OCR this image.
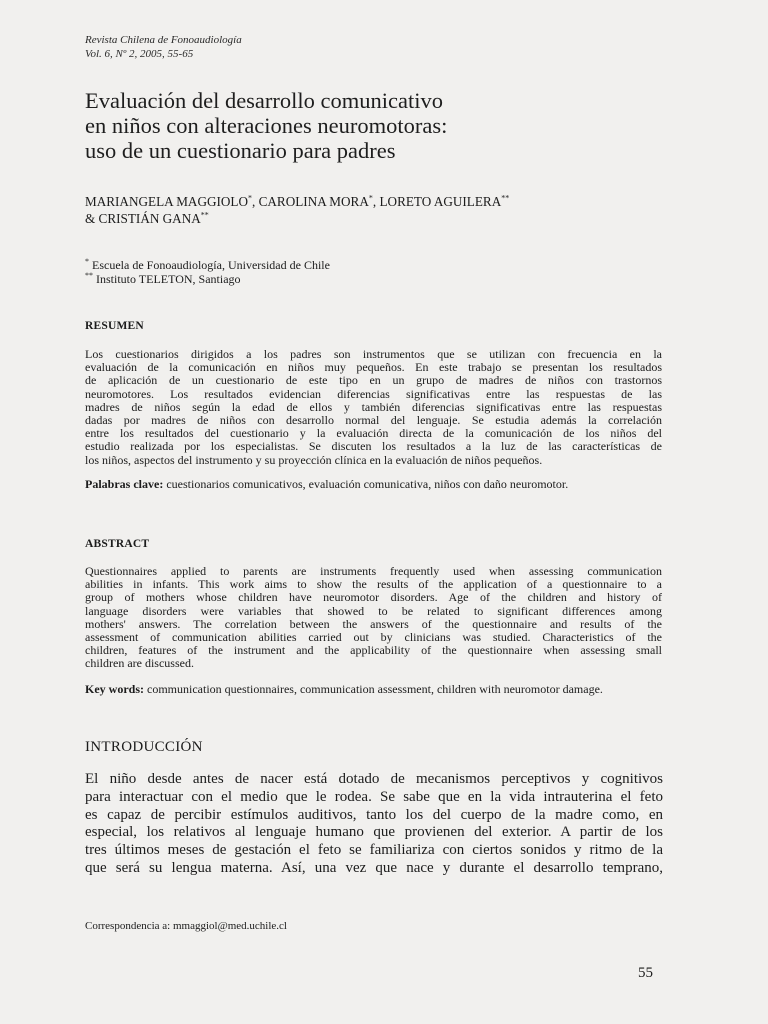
Revista Chilena de Fonoaudiología
Vol. 6, Nº 2, 2005, 55-65
Evaluación del desarrollo comunicativo
en niños con alteraciones neuromotoras:
uso de un cuestionario para padres
MARIANGELA MAGGIOLO*, CAROLINA MORA*, LORETO AGUILERA**
& CRISTIÁN GANA**
* Escuela de Fonoaudiología, Universidad de Chile
** Instituto TELETON, Santiago
RESUMEN
Los cuestionarios dirigidos a los padres son instrumentos que se utilizan con frecuencia en la
evaluación de la comunicación en niños muy pequeños. En este trabajo se presentan los resultados
de aplicación de un cuestionario de este tipo en un grupo de madres de niños con trastornos
neuromotores. Los resultados evidencian diferencias significativas entre las respuestas de las
madres de niños según la edad de ellos y también diferencias significativas entre las respuestas
dadas por madres de niños con desarrollo normal del lenguaje. Se estudia además la correlación
entre los resultados del cuestionario y la evaluación directa de la comunicación de los niños del
estudio realizada por los especialistas. Se discuten los resultados a la luz de las características de
los niños, aspectos del instrumento y su proyección clínica en la evaluación de niños pequeños.
Palabras clave: cuestionarios comunicativos, evaluación comunicativa, niños con daño neuromotor.
ABSTRACT
Questionnaires applied to parents are instruments frequently used when assessing communication
abilities in infants. This work aims to show the results of the application of a questionnaire to a
group of mothers whose children have neuromotor disorders. Age of the children and history of
language disorders were variables that showed to be related to significant differences among
mothers' answers. The correlation between the answers of the questionnaire and results of the
assessment of communication abilities carried out by clinicians was studied. Characteristics of the
children, features of the instrument and the applicability of the questionnaire when assessing small
children are discussed.
Key words: communication questionnaires, communication assessment, children with neuromotor damage.
INTRODUCCIÓN
El niño desde antes de nacer está dotado de mecanismos perceptivos y cognitivos
para interactuar con el medio que le rodea. Se sabe que en la vida intrauterina el feto
es capaz de percibir estímulos auditivos, tanto los del cuerpo de la madre como, en
especial, los relativos al lenguaje humano que provienen del exterior. A partir de los
tres últimos meses de gestación el feto se familiariza con ciertos sonidos y ritmo de la
que será su lengua materna. Así, una vez que nace y durante el desarrollo temprano,
Correspondencia a: mmaggiol@med.uchile.cl
55
